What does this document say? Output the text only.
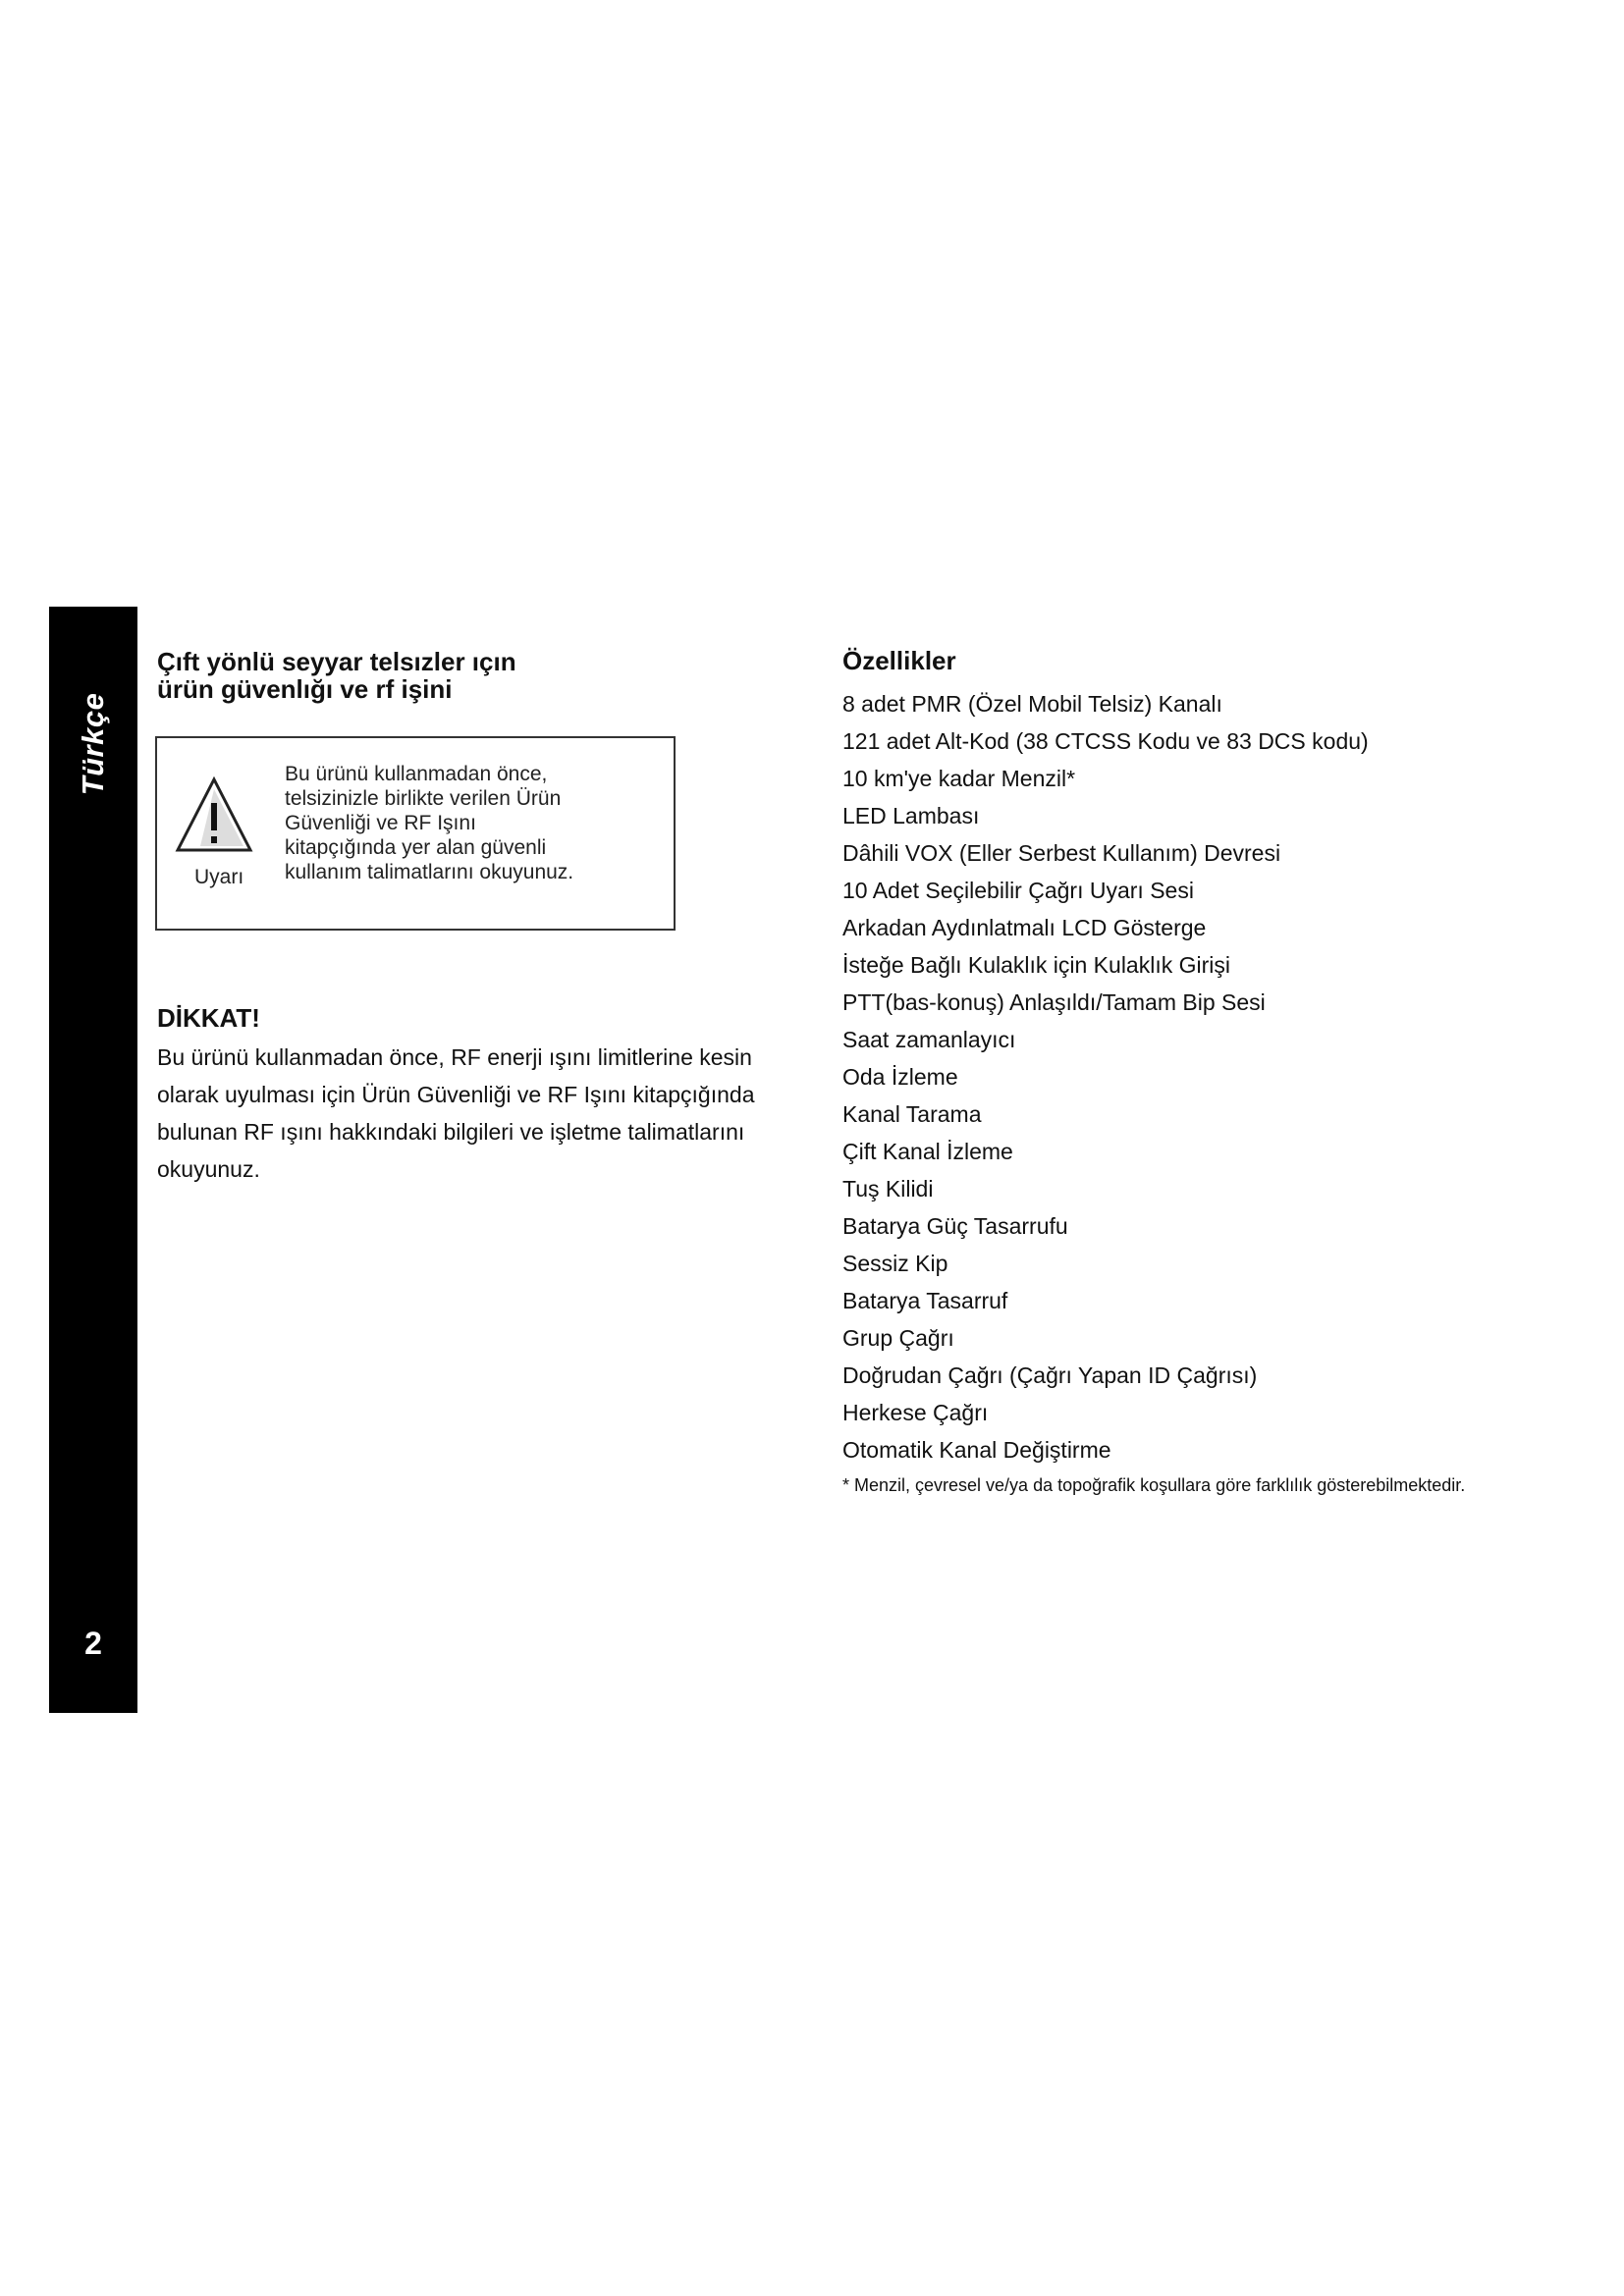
Türkçe
2
Çıft yönlü seyyar telsızler ıçın
ürün güvenlığı ve rf işini
Uyarı
Bu ürünü kullanmadan önce,
telsizinizle birlikte verilen Ürün
Güvenliği ve RF Işını
kitapçığında yer alan güvenli
kullanım talimatlarını okuyunuz.
DİKKAT!
Bu ürünü kullanmadan önce, RF enerji ışını limitlerine kesin
olarak uyulması için Ürün Güvenliği ve RF Işını kitapçığında
bulunan RF ışını hakkındaki bilgileri ve işletme talimatlarını
okuyunuz.
Özellikler
8 adet PMR (Özel Mobil Telsiz) Kanalı
121 adet Alt-Kod (38 CTCSS Kodu ve 83 DCS kodu)
10 km'ye kadar Menzil*
LED Lambası
Dâhili VOX (Eller Serbest Kullanım) Devresi
10 Adet Seçilebilir Çağrı Uyarı Sesi
Arkadan Aydınlatmalı LCD Gösterge
İsteğe Bağlı Kulaklık için Kulaklık Girişi
PTT(bas-konuş) Anlaşıldı/Tamam Bip Sesi
Saat zamanlayıcı
Oda İzleme
Kanal Tarama
Çift Kanal İzleme
Tuş Kilidi
Batarya Güç Tasarrufu
Sessiz Kip
Batarya Tasarruf
Grup Çağrı
Doğrudan Çağrı (Çağrı Yapan ID Çağrısı)
Herkese Çağrı
Otomatik Kanal Değiştirme
* Menzil, çevresel ve/ya da topoğrafik koşullara göre farklılık gösterebilmektedir.
